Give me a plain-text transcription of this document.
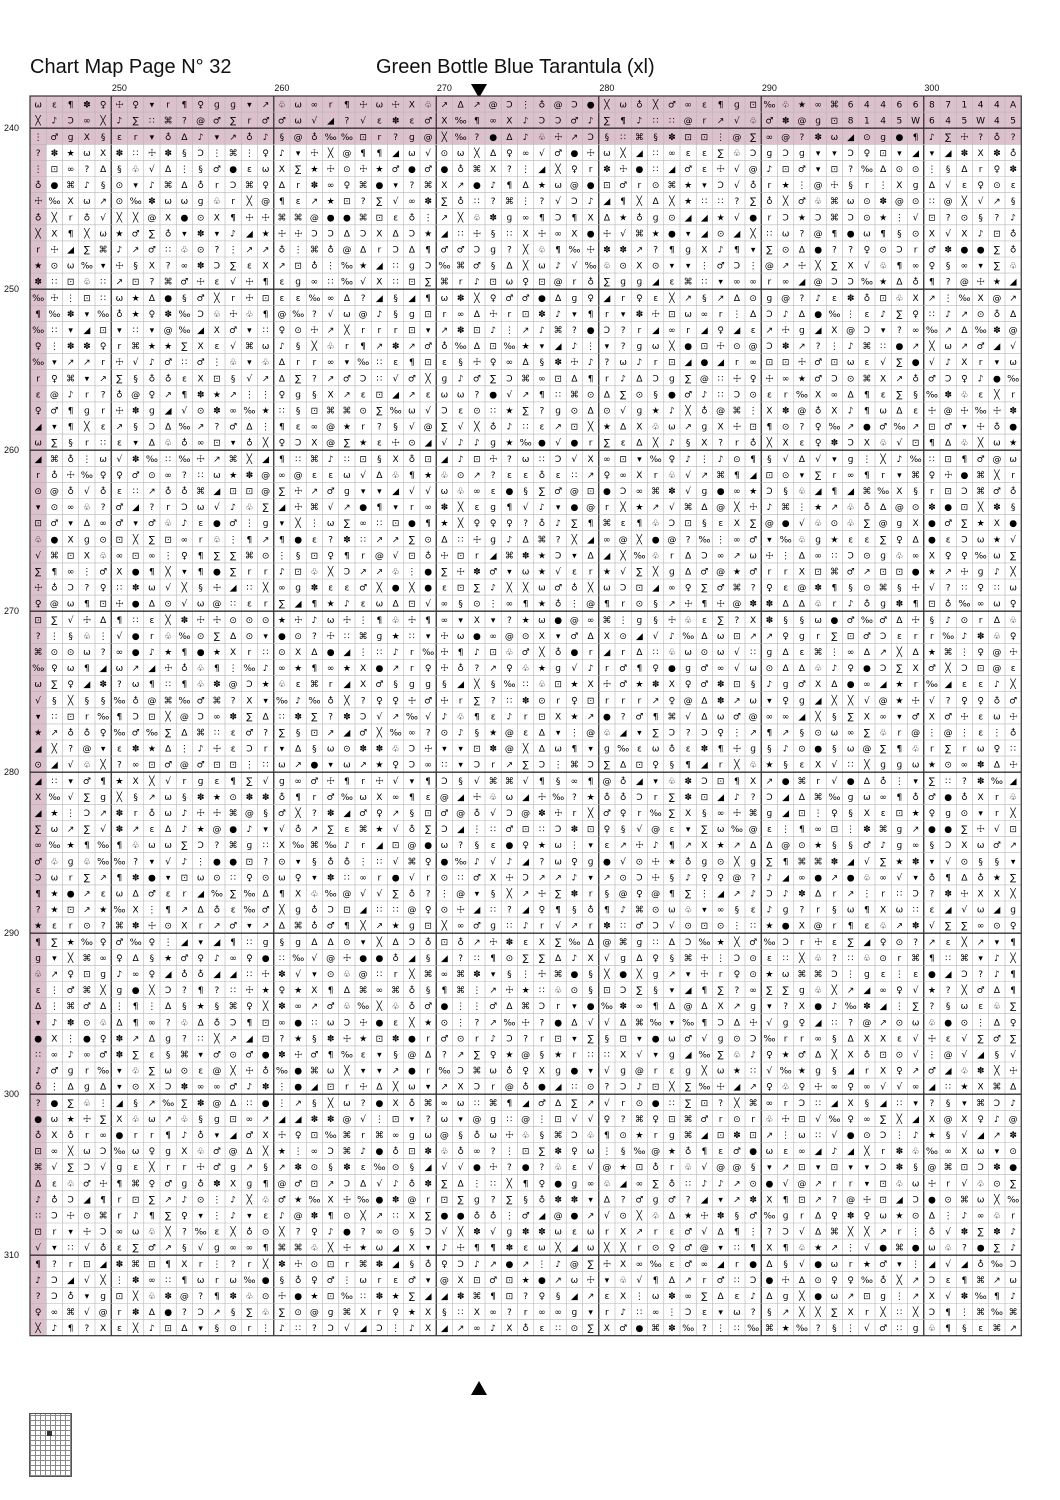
Chart Map Page N° 32	Green Bottle Blue Tarantula (xl)
250	260	270	280	290	300
240
250
260
270
280
290
300
310
ω ε ¶ ✽ ♀ ☩ ♀ ▾ r ¶ ♀ ɡ ɡ ▾ ↗ ♧ ω ∞ r ¶ ☩ ω ☩ X ♧ ↗ ∆ ↗ @ Ↄ ⋮ ♁ @ Ↄ ● ╳ ω ♁ ╳ ♂ ∞ ε ¶ ɡ ⊡ ‰ ♧ ★ ∞ ⌘ 6 4 4 6 6 8 7 1 4 4 A
╳ ♪ Ↄ ∞ ╳ ♪ ∑ ∷ ⌘ ? @ ♂ ∑ r ♂ ♂ ω √ ◢ ? √ ε ✽ ε ♂ X ‰ ¶ ∞ X ♪ Ↄ Ↄ ♂ ♪ ∑ ¶ ♪ ∷ ∷ @ r ↗ √ ♧ ♂ ✽ @ ɡ ⊡ 8 1 4 5 W 6 4 5 W 4 5
⋮ ♂ ɡ X § ε r ▾ ♁ ∆ ♪ ▾ ↗ ♁ ♪ § @ ♁ ‰ ‰ ⊡ r ? ɡ @ ╳ ‰ ? ● ∆ ♪ ♧ ☩ ↗ Ↄ § ∷ ⌘ § ✽ ⊡ ⊡ ⋮ @ ∑ ∞ @ ? ✽ ω ◢ ⊙ ɡ ● ¶ ♪ ∑ ☩ ? ♁ ?
? ✽ ★ ω X ✽ ∷ ☩ ✽ § Ↄ ⋮ ⌘ ⋮ ♀ ♪ ▾ ☩ ╳ @ ¶ ¶ ◢ ω √ ⊙ ω ╳ ∆ ♀ ∞ √ ♂ ● ☩ ω ╳ ◢ ∷ ∞ ε ε ∑ ♧ Ↄ ɡ Ↄ ɡ ▾ ▾ Ↄ ♀ ⊡ ▾ ◢ ▾ ◢ ✽ X ✽ ♁
⋮ ⊡ ∞ ? ∆ § ♧ √ ∆ ⋮ § ♂ ● ε ω X ∑ ★ ☩ ⊙ ☩ ★ ♂ ● ♂ ● ♁ ⌘ X ? ⋮ ◢ ╳ ♀ r ✽ ☩ ● ∷ ◢ ♂ ε ☩ √ @ ♪ ⊡ ♂ ▾ ⊡ ? ‰ ∆ ⊙ ⊙ ⋮ § ∆ r ♀ ✽
♁ ● ⌘ ♪ § ⊙ ▾ ♪ ⌘ ∆ ♁ r Ↄ ⌘ ♀ ∆ r ✽ ∞ ♀ ⌘ ● ▾ ? ⌘ X ↗ ● ♪ ¶ ∆ ★ ω @ ● ⊡ ♂ r ⊙ ⌘ ★ ▾ Ↄ √ ♁ r ★ ⋮ @ ☩ § r ⋮ X ɡ ∆ √ ε ♀ ⊙ ε
☩ ‰ X ω ↗ ⊙ ‰ ✽ ω ω ɡ ♧ r ╳ @ ¶ ε ↗ ★ ⊡ ? ∑ √ ∞ ✽ ∑ ♁ ∷ ? ⌘ ⋮ ? √ Ↄ ♪ ◢ ¶ ╳ ∆ ╳ ★ ∷ ∷ ? ∑ ♁ ╳ ♂ ♧ ⌘ ω ⊙ ✽ @ ⊙ ∷ @ ╳ √ ↗ §
♁ ╳ r ♁ √ ╳ ╳ @ X ● ⊙ X ¶ ☩ ☩ ⌘ ⌘ @ ● ● ⌘ ⊡ ε ♁ ⋮ ↗ ╳ ♧ ✽ ɡ ∞ ¶ Ↄ ¶ X ∆ ★ ♁ ɡ ⊙ ◢ ◢ ★ √ ● r Ↄ ★ Ↄ ⌘ Ↄ ⊙ ★ ⋮ √ ⊡ ? ⊙ § ? ♪
╳ X ¶ ╳ ω ★ ♂ ∑ ♁ ▾ ✽ ▾ ♪ ◢ ★ ☩ ☩ Ↄ Ↄ ∆ Ↄ X ∆ Ↄ ★ ◢ ∷ ☩ § ∷ X ☩ ∞ X ● ☩ √ ⌘ ★ ● ▾ ◢ ⊙ ◢ ╳ ∷ ω ? @ ¶ ● ω ¶ § ⊙ X √ X ♪ ⊡ ♁
r ☩ ◢ ∑ ⌘ ♪ ↗ ♂ ∷ ♧ ⊙ ? ⋮ ↗ ↗ ♁ ⋮ ⌘ ♁ @ ∆ r Ↄ ∆ ¶ ♂ ♂ Ↄ ɡ ? ╳ ♧ ¶ ‰ ☩ ✽ ✽ ↗ ? ¶ ɡ X ♪ ¶ ▾ ∑ ⊙ ∆ ● ? ? ♀ ⊙ Ↄ r ♂ ✽ ● ● ∑ ♁
★ ⊙ ω ‰ ▾ ☩ § X ? ∞ ✽ Ↄ ∑ ε X ↗ ⊡ ♁ ⋮ ‰ ★ ◢ ∷ ɡ Ↄ ‰ ⌘ ♂ § ∆ ╳ ω ♪ √ ‰ ♧ ⊙ X ⊙ ▾ ▾ ⋮ ♂ Ↄ ⋮ @ ↗ ☩ ╳ ∑ X √ ♧ ¶ ∞ ♀ § ∞ ▾ ∑ ♧
✽ ∷ ⊡ ♧ ∷ ↗ ⊡ ? ⌘ ♂ ☩ ε √ ☩ ¶ ε ɡ ∞ ∷ ‰ √ X ∷ ⊡ ∑ ⌘ r ♪ ⊡ ω ♀ ⊡ @ r ♁ ∑ ɡ ɡ ◢ ε ⌘ ∷ ▾ ∞ ∞ r ∞ ◢ @ Ↄ Ↄ ‰ ★ ∆ ♁ ¶ ? @ ☩ ★ ◢
‰ ☩ ⋮ ⊡ ∷ ω ★ ∆ ● § ♂ ╳ r ☩ ⊡ ε ε ‰ ∞ ∆ ? ◢ § ◢ ¶ ω ✽ ╳ ♀ ♂ ♂ ● ∆ ɡ ♀ ◢ r ♀ ε ╳ ↗ § ↗ ∆ ⊙ ɡ @ ? ♪ ε ✽ ♁ ⊡ ♧ X ↗ ⋮ ‰ X @ ↗
¶ ‰ ✽ ▾ ‰ ♁ ★ ♀ ✽ ‰ Ↄ ♧ ☩ ♧ ¶ @ ‰ ? √ ω @ ♪ § ɡ ⊡ r ∞ ∆ ☩ r ⊡ ✽ ♪ ▾ ¶ r ▾ ✽ ☩ ⊡ ω ∞ r ⋮ ∆ Ↄ ♪ ∆ ● ‰ ⋮ ε ♪ ∑ ♀ ∷ ♪ ↗ ⊙ ♁ ∆
‰ ∷ ▾ ◢ ⊡ ▾ ∷ ▾ @ ‰ ◢ X ♂ ▾ ∷ ♀ ⊙ ☩ ↗ ╳ r r r ⊡ ▾ ↗ ✽ ⊡ ♪ ⋮ ↗ ♪ ⌘ ? ● Ↄ ? r ◢ ∞ r ◢ ♀ ◢ ε ↗ ☩ ɡ ◢ X @ Ↄ ▾ ? ∞ ‰ ↗ ∆ ‰ ✽ @
♀ ⋮ ✽ ✽ ♀ r ⌘ ★ ★ ∑ X ε √ ⌘ ω ♪ § ╳ ♧ r ¶ ↗ ✽ ↗ ♂ ♁ ‰ ∆ ⊡ ‰ ★ ▾ ◢ ♪ ⋮ ▾ ? ɡ ω ╳ ● ⊡ ☩ ⊙ @ Ↄ ✽ ↗ ? ⋮ ♪ ⌘ ∷ ● ↗ ╳ ω ↗ ♂ ◢ √
‰ ▾ ↗ ↗ r ☩ √ ♪ ♂ ∷ ♂ ⋮ ♧ ▾ ♧ ∆ r r ∞ ▾ ‰ ∷ ε ¶ ⊡ ε § ☩ ♀ ∞ ∆ § ✽ ☩ ♪ ? ω ♪ r ⊡ ◢ ● ◢ r ∞ ⊡ ⊡ ☩ ♂ ⊡ ω ε √ ∑ ● √ ♪ X r ▾ ω
r ♀ ⌘ ▾ ↗ ∑ § ♁ ♁ ε X ⊡ § √ ↗ ∆ ∑ ? ↗ ♂ Ↄ ∷ √ ♂ ╳ ɡ ♪ ♂ ∑ Ↄ ⌘ ∞ ⊡ ∆ ¶ r ♪ ∆ Ↄ ɡ ∑ @ ∷ ☩ ♀ ☩ ∞ ★ ♂ Ↄ ⊙ ⌘ X ↗ ♁ ♂ Ↄ ♀ ♪ ● ‰
ε @ ♪ r ? ♁ @ ♀ ↗ ¶ ✽ ★ ↗ ⋮ ⋮ ♀ ɡ § X ↗ ε ⊡ ◢ ↗ ε ω ω ? ● √ ↗ ¶ ∷ ⌘ ⊙ ∆ ∑ ⊙ § ● ♂ ♪ ∷ Ↄ ⊙ ε r ‰ X ∞ ∆ ¶ ε ∑ § ‰ ✽ ♧ ε ╳ r
♀ ♂ ¶ ɡ r ☩ ✽ ɡ ◢ √ ⊙ ✽ ∞ ‰ ★ ∷ § ⊡ ⌘ ⌘ ⊙ ∑ ‰ ω √ Ↄ ε ⊙ ∷ ★ ∑ ? ɡ ⊙ ∆ ⊙ √ ɡ ★ ♪ ╳ ♁ @ ⌘ ⋮ X ✽ @ ♁ X ♪ ¶ ω ∆ ε ☩ @ ☩ ‰ ☩ ✽
◢ ▾ ¶ ╳ ε ↗ § Ↄ ∆ ‰ ↗ ? ♂ ∆ ⋮ ¶ ε ∞ @ ★ r ? § √ @ ∑ √ ╳ ♁ ♪ ∷ ε ↗ ⊡ ╳ ★ ∆ X ♧ ω ↗ ɡ X ☩ ⊡ ¶ ⊙ ? ♀ ‰ ↗ ● ♂ ‰ ↗ ⊡ ♂ ▾ ☩ ♁ ●
ω ∑ § r ∷ ε ▾ ∆ ♧ ♁ ∞ ⊡ ▾ ♁ ╳ ♀ Ↄ X @ ∑ ★ ε ☩ ⊙ ◢ √ ♪ ♪ ɡ ★ ‰ ● √ ● r ∑ ε ∆ ╳ ♪ § X ? r ♁ ╳ X ε ♀ ✽ Ↄ X ♧ √ ⊡ ¶ ∆ ♧ ╳ ω ★
◢ ⌘ ♁ ⋮ ω √ ✽ ‰ ∷ ‰ ☩ ↗ ⌘ ╳ ◢ ¶ ∷ ⌘ ♪ ∷ ⊡ § X ♁ ⊡ ◢ ♪ ⊡ ☩ ? ω ∷ Ↄ √ X ∞ ⊡ ▾ ‰ ♀ ♪ ⋮ ♪ ⊙ ¶ § √ ∆ √ ▾ ɡ ⋮ ╳ ♪ ‰ ∷ ⊡ ¶ ♂ @ ω
r ♁ ☩ ‰ ♀ ♀ ♂ ⊙ ∞ ? ∷ ω ★ ✽ @ ∞ @ ε ε ω √ ∆ ♧ ¶ ★ ♧ ⊙ ↗ ? ε ε ♁ ε ∷ ↗ ♀ ∞ X r ♧ √ ↗ ⌘ ¶ ◢ ⊡ ⊙ ▾ ∑ r ∞ ¶ r ▾ ⌘ ♀ ☩ ● ⌘ ╳ r
⊙ @ ♁ √ ♁ ε ∷ ↗ ♁ ♁ ⌘ ◢ ⊡ ⊡ @ ∑ ☩ ↗ ♂ ɡ ▾ ▾ ◢ √ √ ω ♧ ∞ ε ● § ∑ ♂ @ ⊡ ● Ↄ ∞ ⌘ ✽ √ ɡ ● ∞ ★ Ↄ § ♧ ◢ ¶ ◢ ⌘ ‰ X § r ⊡ Ↄ ⌘ ♂ ♁
▾ ⊙ ∞ ♧ ? ♂ ◢ ? r Ↄ ω √ ♪ ♧ ∑ ◢ ☩ ⌘ √ ↗ ● ¶ ▾ r ∞ ✽ ╳ ε ɡ ¶ √ ♪ ▾ ● @ r ╳ ★ ↗ √ ⌘ ∆ @ ╳ ☩ ♪ ⌘ ⋮ ★ ↗ ♧ ♁ ∆ @ ⊙ ✽ ● ⊡ ╳ ✽ §
⊡ ♂ ▾ ∆ ∞ ♂ ▾ ♂ ♧ ♪ ε ● ♂ ⋮ ɡ ▾ ╳ ⋮ ω ∑ ∞ ∷ ⊡ ● ¶ ★ ╳ ♀ ♀ ♀ ? ♁ ♪ ∑ ¶ ⌘ ε ¶ ♧ Ↄ ⊡ § ε X ∑ @ ● √ ♧ ⊙ ♧ ∑ @ ɡ X ● ♂ ∑ ★ X ●
♧ ● X ɡ ⊙ ⊡ ╳ ∑ ⊡ ∞ r ♧ ⋮ ¶ ↗ ¶ ● ε ? ✽ ∷ ↗ ↗ ∑ ⊙ ∆ ∷ ☩ ɡ ♪ ∆ ⌘ ? ╳ ◢ ∞ @ ╳ ● @ ? ‰ ⋮ ∞ ♂ ▾ ‰ ♧ ɡ ★ ε ε ∑ ♀ ∆ ● ε Ↄ ω ★ √
√ ⌘ ⊡ X ♧ ∞ ⊡ ∞ ⋮ ♀ ¶ ∑ ∑ ⌘ ⊙ ⋮ § ⊡ ♀ ¶ r @ √ ⊡ ♁ ☩ ⊡ r ◢ ⌘ ✽ ★ Ↄ ▾ ∆ ◢ ╳ ‰ ♧ r ∆ Ↄ ∞ ↗ ω ☩ ⋮ ∆ ∞ ∷ Ↄ ⊙ ɡ ♧ ∞ X ♀ ♀ ‰ ω ∑
∑ ¶ ∞ ⋮ ♂ X ● ¶ ╳ ▾ ¶ ● ∑ r r ♪ ⊡ ♧ ╳ Ↄ ↗ ↗ ♧ ⋮ ● ∑ ☩ ✽ ♂ ▾ ω ★ √ ε r ★ √ ∑ ╳ ɡ ∆ ♂ @ ★ ♂ r r X ⊡ ⌘ ♂ ↗ ⊡ ⊡ ● ★ ↗ ☩ ɡ ♪ ╳
☩ ♁ Ↄ ? ♀ ∷ ✽ ω √ ╳ § ☩ ◢ ∷ ╳ ∞ ɡ ✽ ε ε ♂ ╳ ● ╳ ● ε ⊡ ∑ ♪ ╳ ╳ ω ♂ ♁ ╳ ω Ↄ ⊡ ◢ ∞ ♀ ∑ ♂ ⌘ ? ♀ ε @ ✽ ¶ § ⊙ ⌘ § ☩ √ ? ∷ ♀ ∷ ω
♀ @ ω ¶ ⊡ ☩ ● ∆ ⊙ √ ω @ ∷ ε r ∑ ◢ ¶ ★ ♪ ε ω ∆ ⊡ √ ∞ § ⊙ ⋮ ∞ ¶ ★ ♁ ⋮ @ ¶ r ⊙ § ↗ ☩ ¶ ☩ @ ✽ ✽ ∆ ∆ ♧ r ♪ ♁ ɡ ✽ ¶ ⊡ ♁ ‰ ∞ ω ♀
⊡ ∑ √ ☩ ∆ ¶ ∷ ε ╳ ✽ ☩ ☩ ⊙ ⊙ ⊙ ★ ☩ ♪ ω ☩ ⋮ ¶ ♧ ☩ ¶ ∞ ▾ X ▾ ? ★ ω ● @ ∞ ⌘ ⋮ ɡ § ☩ ♧ ε ∑ ? X ✽ § § ω ● ♂ ‰ ♂ ∆ ☩ § ♪ ⊙ r ∆ ♧
? ⋮ § ♧ ⋮ √ ● r ♧ ‰ ⊙ ∑ ∆ ⊙ ▾ ● ⊙ ? ☩ ∷ ⌘ ɡ ★ ∷ ▾ ☩ ω ● ∞ @ ⊙ X ▾ ♂ ∆ X ⊙ ◢ √ ♪ ‰ ∆ ω ⊡ ↗ ↗ ♀ ɡ r ∑ ⊡ ♂ Ↄ ε r r ‰ ♪ ✽ ♧ ♀
⌘ ⊙ ⊙ ω ? ∞ ● ♪ ★ ¶ ● ★ X r ∷ ⊙ X ∆ ● ◢ ⋮ ∷ ♪ r ‰ ☩ ¶ ♪ ⊡ ♧ ♂ ╳ ♁ ● r ◢ r ∆ ∷ ♧ ω ⊙ ω √ ∷ ɡ ∆ ε ⌘ ⋮ ∞ ∆ ↗ ╳ ∆ ★ ⌘ ⋮ ♀ @ ☩
‰ ♀ ω ¶ ◢ ω ↗ ◢ ☩ ♁ ♧ ¶ ⋮ ‰ ♪ ∞ ★ ¶ ∞ ★ X ● ↗ r ♀ ☩ ♁ ? ↗ ♀ ♧ ★ ɡ √ ♪ r ♂ ¶ ♀ ● ɡ ♂ ∞ √ ω ⊙ ∆ ∆ ♧ ♪ ♀ ● Ↄ ∑ X ♂ ╳ Ↄ ⊡ @ ε
ω ∑ ♀ ◢ ✽ ? ω ¶ ∷ ¶ ♧ ✽ @ Ↄ ★ ♧ ε ⌘ r ◢ X ♂ § ɡ ɡ § ◢ ╳ § ‰ ∷ ♧ ⊡ ★ X ☩ ♂ ★ ✽ X ♀ ♂ ✽ ⊡ § ♪ ɡ ♂ X ∆ ● ∞ ◢ ★ r ‰ ◢ ε ε ♪ ╳
√ § ╳ § § ‰ ♁ @ ⌘ ‰ ♂ ⌘ ? X ▾ ‰ ♪ ‰ ♁ ╳ ? ♀ ♀ ☩ ♂ ☩ r ∑ ? ∷ ✽ ⊙ r ♀ ⊡ r r r ↗ ♀ @ ∆ ✽ ↗ ω ▾ ♀ ɡ ◢ ╳ ╳ √ @ ★ ☩ √ ? ♀ ♀ ♁ ♂
▾ ∷ ⊡ r ‰ ¶ Ↄ ⊡ ╳ @ Ↄ ∞ ✽ ∑ ∆ ∷ ✽ ∑ ? ✽ Ↄ √ ↗ ‰ √ ♪ ♧ ¶ ε ♪ r ⊡ X ★ ↗ ● ? ♂ ¶ ⌘ √ ∆ ω ♂ @ ∞ ∞ ◢ ╳ § ∑ X ∞ ▾ ♂ X ♂ ☩ ε ω ☩
★ ↗ ♁ ♁ ♀ ‰ ♂ ‰ ∑ ∆ ⌘ ∷ ε ♂ ? ∑ § ⊡ ↗ ◢ ♂ ╳ ‰ ∞ ? ⊙ ♪ § ★ @ ε ∆ ▾ ⋮ @ ♧ ◢ ▾ ∑ Ↄ ? Ↄ ♀ ⋮ ↗ ¶ ↗ § ⊙ ω ∞ ∑ ♧ r @ ⋮ @ ⋮ ε ⋮ ♁
◢ ╳ ? @ ▾ ε ✽ ★ ∆ ⋮ ♪ ☩ ε Ↄ r ▾ ∆ § ω ⊙ ✽ ✽ ♧ Ↄ ☩ ▾ ▾ ⊡ ✽ @ ╳ ∆ ω ¶ ▾ ɡ ‰ ε ω ♁ ε ✽ ¶ ☩ ɡ § ♪ ⊙ ● § ω @ ∑ ¶ ♧ r ∑ r ω ♀ ∷
⊙ ◢ √ ♧ ╳ ? ∞ ⊡ ♂ @ ♂ ⊡ ⊡ ⋮ ∷ ω ↗ ● ▾ ω ↗ ★ ♀ Ↄ ∞ ∷ ▾ Ↄ r ↗ ∑ Ↄ ⋮ ⌘ Ↄ ∑ ∆ ⊡ ♀ § ¶ ◢ r ╳ ♧ ★ § ε X √ ∷ ╳ ɡ ɡ ω ★ ⊙ ∞ ✽ ∆ ☩
◢ ∷ ▾ ♂ ¶ ★ X ╳ √ r ɡ ε ¶ ∑ √ ɡ ∞ ♂ ☩ ¶ r ☩ √ ▾ ¶ Ↄ § √ ⌘ ⌘ √ ¶ § ∞ ¶ @ ♁ ◢ ▾ ♧ ✽ Ↄ ⊡ ¶ X ↗ ● ⌘ r √ ● ∆ ♁ ⋮ ▾ ∑ ∷ ? ✽ ‰ ◢
X ‰ √ ∑ ɡ ╳ § ↗ ω § ✽ ★ ⊙ ✽ ✽ ♁ ¶ r ♂ ‰ ω X ∞ ¶ ε @ ◢ ☩ ♧ ω ◢ ☩ ‰ ? ★ ♁ ♁ Ↄ r ∑ ✽ ⊡ ◢ ♪ ? Ↄ ◢ ∆ ⌘ ‰ ɡ ω ∞ ¶ ♁ ♂ ● ♁ X r ♧
◢ ★ ⋮ Ↄ ↗ ✽ r ♁ ω ♪ ☩ ☩ ⌘ @ § ♂ ╳ ? ✽ ◢ ♂ ♀ ↗ § ⊡ ♂ @ ♁ √ Ↄ @ ✽ ☩ r ╳ ♂ ♀ r ‰ ∑ X § ∞ ☩ ⌘ ɡ ◢ ⊡ ⋮ ♀ § X ε ⊡ ★ ♀ ɡ ⊙ ▾ r ╳
∑ ω ↗ ∑ √ ✽ ↗ ε ∆ ♪ ★ @ ● ♪ ▾ √ ♁ ↗ ∑ ε ⌘ ★ √ ♁ ∑ Ↄ ◢ ⋮ ∷ ♂ ⊡ ∷ Ↄ ✽ ⊡ ♀ § √ @ ε ▾ ∑ ω ‰ @ ε ⋮ ¶ ∞ ⊡ ⋮ ✽ ⌘ ɡ ↗ ● ● ∑ ☩ √ ⊡
∞ ‰ ★ ¶ ‰ ¶ ♧ ω ω ∑ Ↄ ? ⌘ ɡ ∷ X ‰ ⌘ ‰ ♪ r ◢ ⊡ @ ● ω ? § ε ● ♀ ★ ω ⋮ ▾ ε ↗ ☩ ♪ ¶ ↗ X ★ ↗ ∆ ∆ @ ⊙ ★ § § ♂ ♪ ɡ ∞ § Ↄ X ω ♂ ↗
♂ ♧ ɡ ♧ ‰ ‰ ? ▾ √ ♪ ⋮ ● ● ⊡ ? ⊙ ▾ § ♁ ♁ ⋮ ∷ √ ⌘ ♀ ● ‰ ♪ √ ♪ ◢ ? ω ♀ ɡ ● √ ⊙ ☩ ★ ♁ ɡ ⊙ ╳ ɡ ∑ ¶ ⌘ ⌘ ✽ ◢ √ ∑ ★ ✽ ▾ √ ⊙ § § ▾
Ↄ ω r ∑ ↗ ¶ ✽ ● ▾ ⊡ ω ⊙ ∷ ♀ ⊙ ω ♀ ▾ ✽ ∷ ∞ r ● √ r ⊙ ∷ ♂ X ☩ Ↄ ↗ ↗ ♪ ▾ ↗ ⊙ Ↄ ☩ § ♪ ♀ ♀ @ ? ♪ ◢ ∞ ● ↗ ● ♧ ∞ √ ▾ ♁ ¶ ∆ ♁ ★ ∑
¶ ★ ● ↗ ε ω ∆ ♂ ε r ◢ ‰ ∑ ‰ ∆ ¶ X ♧ ‰ @ √ √ ∑ ♁ ? ⋮ @ ▾ § ╳ ↗ ☩ ∑ ✽ r § @ ♀ @ ¶ ∑ ⋮ ◢ ↗ ♪ Ↄ ♪ ✽ ∆ r ↗ ⋮ r ∷ Ↄ ? ✽ ☩ X X ╳
? ★ ⊡ ↗ ★ ‰ X ⋮ ¶ ↗ ∆ ♁ ε ‰ ♂ ╳ ɡ ♁ Ↄ ⊡ ◢ ∷ ∷ @ ♀ ⊙ ☩ ◢ ∷ ? ◢ ♀ ¶ § ♁ ¶ ♪ ⌘ ⊙ ω ♧ ▾ ∞ § ε ♪ ɡ ? r § ω ¶ X ω ∷ ε ◢ √ ω ◢ ɡ
★ ε r ⊙ ? ⌘ ✽ ☩ ⊙ X r ↗ ♂ ▾ ↗ ∆ ⌘ ♁ ♂ ¶ ╳ ↗ ★ ɡ ⊡ ╳ ∞ ♂ ɡ ∷ ♪ r √ ↗ r ✽ ∷ ♂ Ↄ √ ⊙ ⊡ ⊙ ⋮ ∷ ★ ● X @ r ¶ ε ♧ ↗ ✽ √ ∑ ∑ ∞ ⊙ ♀
¶ ∑ ★ ‰ ♀ ♂ ‰ ♀ ⋮ ◢ ▾ ◢ ¶ ∷ ɡ § ɡ ∆ ∆ ⊙ ▾ ╳ ∆ Ↄ ♁ ⊡ ♁ ↗ ☩ ✽ ε X ∑ ‰ ∆ @ ⌘ ɡ ∷ ∆ Ↄ ‰ ★ ╳ ♂ ‰ Ↄ r ☩ ε ∑ ◢ ♀ ⊙ ? ↗ ε ╳ ↗ ▾ ¶
ɡ ▾ ╳ ⌘ ∞ ♀ ∆ § ★ ♂ ♀ ♪ ∞ ♀ ● ∷ ‰ √ @ ☩ ● ● ♁ ◢ § ◢ ? ∷ ¶ ⊙ ∑ ∑ ∆ ♪ X √ ɡ ∆ ♀ § ⌘ ☩ ⋮ Ↄ ⊙ ε ∷ ╳ ♧ ? ∷ ♧ ⊙ r ⌘ ¶ ∷ ⌘ ▾ ♪ ╳
♧ ↗ ♀ ⊡ ɡ ♪ ∞ ♀ ◢ ♁ ♁ ◢ ◢ ∷ ☩ ✽ √ ▾ ⊙ ♧ @ ∷ r ╳ ⌘ ∞ ⌘ ✽ ▾ § ⋮ ☩ ⌘ ● § ╳ ● ╳ ɡ ↗ ▾ ☩ r ♀ ⊙ ★ ω ⌘ ⌘ Ↄ ⋮ ɡ ε ⋮ ε ● ◢ Ↄ ? ♪ ¶
ε ⋮ ♂ ⌘ ╳ ɡ ● ╳ Ↄ ? ¶ ? ∷ ☩ ★ ♀ ★ X ¶ ∆ ⌘ ∞ ⌘ ♁ § ¶ ⌘ ⋮ ↗ ☩ ★ ∷ ♧ ⊙ § ⊡ Ↄ ∑ § ▾ ◢ ¶ ∑ ? ∞ ∑ ∑ ɡ ♧ ╳ ↗ ◢ ∞ ♀ √ ★ ? ╳ ♂ ∆ ¶
∆ ⋮ ⌘ ♂ ∆ ⋮ ¶ ⋮ ∆ § ★ § ⌘ ♀ ╳ ✽ ∞ ↗ ♂ ♧ ‰ ╳ ♧ ♁ ♂ ● ⋮ ⋮ ♂ ∆ ⌘ Ↄ r ▾ ● ‰ ✽ ∞ ¶ ∆ @ ∆ X ↗ ɡ ▾ ? X ● ♪ ‰ ✽ ◢ ⋮ ∑ ? § ω ε ♧ ∑
▾ ♪ ✽ ⊙ ♧ ∆ ¶ ∞ ? ♧ ∆ ♁ Ↄ ¶ ⊡ ∞ ● ∷ ω Ↄ ☩ ● ε ╳ ★ ⊙ ⋮ ? ↗ ‰ ☩ ? ● ∆ √ √ ∆ ⌘ ‰ ▾ ‰ ¶ Ↄ ∆ ☩ √ ɡ ♀ ◢ ∷ ? @ ↗ ⊙ ω ♧ ● ⊙ ⋮ ∆ ♀
● X ⋮ ● ♀ ✽ ↗ ∆ ɡ ? ∷ ╳ ↗ ◢ ⊡ ? ★ § ✽ ☩ ★ ⊡ ✽ ● r ♂ ⊙ r ♪ Ↄ ? r ⊡ ▾ ∑ § ⊡ ▾ ● ω ♂ √ ɡ ⊙ Ↄ ‰ r r ∞ § ∆ X X ε √ ☩ ε √ ∑ ♂ ∑
∷ ∞ ♪ ∞ ♂ ✽ ∑ ε § ⌘ ▾ ♂ ⊙ ♂ ● ✽ ☩ ♂ ¶ ‰ ε ▾ § @ ∆ ? ↗ ∑ ♀ ★ @ § ★ r ∷ ∷ X √ ▾ ɡ ◢ ‰ ∑ ♧ ♪ ♀ ★ ♂ ∆ ╳ X ♁ ⊡ ⊙ √ ⋮ @ √ ◢ § √
♪ ♂ ɡ r ‰ ▾ ♧ ∑ ω ⊙ ε @ ╳ ☩ ♁ ‰ ● ⌘ ω ╳ ▾ ▾ ↗ ● r ‰ Ↄ ⌘ ω ♁ ♀ X ɡ ● ▾ √ ɡ @ r ε ɡ ╳ ω ★ ∷ √ ‰ ★ ɡ § ◢ r X ♀ ↗ ♂ ◢ ♧ ✽ ╳ ☩
♁ ⋮ ∆ ɡ ∆ ▾ ⊙ X Ↄ ✽ ∞ ∞ ♂ ♪ ✽ ⋮ ● ◢ ⊡ r ☩ ∆ ╳ ω ▾ ↗ X Ↄ r @ ♁ ● ◢ ∷ ⊙ ? Ↄ ♪ ⊡ ╳ ∑ ‰ ☩ ◢ ↗ ♀ ♧ ♀ ☩ ∞ ♀ ∞ √ √ ∞ ◢ ∷ ★ X ⌘ ∆
? ● ∑ ♧ ⋮ ◢ § ↗ ‰ ∑ ✽ @ ∆ ∷ ● ⋮ ↗ § ╳ ω ? ● X ♁ ⌘ ∞ ω ∷ ⌘ ¶ ◢ ♂ ∆ ∑ ↗ √ r ⊙ ● ∷ ∑ ⊡ ? ╳ ⌘ ∞ r Ↄ ∷ ◢ X § ◢ ∷ ▾ ? § ▾ ⌘ Ↄ ♪
● ω ★ ☩ ∑ X ♧ ω ↗ ♧ § ɡ ⊡ ∞ ↗ ◢ ◢ ✽ ✽ @ √ ⋮ ⊡ ▾ ? ω ▾ @ ɡ ∷ @ ⋮ ⊡ √ √ ♀ ? ⌘ ♀ ⊡ ⌘ ♂ r ⊙ r ♧ ☩ ⊡ √ ‰ ♀ ∞ ∑ ╳ ◢ X @ X ♀ ♪ @
♁ X ♁ r ∞ ● r r ¶ ♪ ♁ ▾ ◢ ♂ X ☩ ♀ ⊡ ‰ ⌘ r ⌘ ∞ ɡ ω @ § ♁ ω ☩ ♧ § ⌘ Ↄ ♧ ¶ ⊙ ★ r ɡ ⌘ ◢ ⊡ ✽ ⊡ ↗ ⋮ ω ∷ √ ● ⊙ Ↄ ⋮ ♪ ★ § √ ◢ ↗ ✽
⊡ ∞ ╳ ω Ↄ ‰ ω ♀ ɡ X ♧ ♂ @ ∆ ╳ ★ ⋮ ∞ Ↄ ⌘ ♪ ● ♁ ⊡ ✽ ♧ ♁ ∞ ? ⋮ ⊡ ∑ ✽ ♀ ω ⋮ § ‰ @ ★ ♁ ¶ ε ♂ ● ω ε ∞ ◢ ♪ ◢ ╳ r ✽ ♧ ‰ ∞ X ω ▾ ⊙
⌘ √ ∑ Ↄ √ ɡ ε ╳ r r ☩ ♂ ɡ ↗ § ↗ ✽ ⊙ § ✽ ε ‰ ⊙ § ◢ √ √ ● ☩ ? ● ? ♧ ε √ @ ★ ⊡ ♁ r ♧ √ @ @ § ▾ ↗ ⊡ ▾ ⊡ ▾ ▾ Ↄ ✽ § @ ⌘ ⊡ Ↄ ✽ ●
∆ ε ♧ ♂ ☩ ¶ ⌘ ♀ ♂ ɡ ♁ ✽ X ɡ ¶ @ ♂ ⊡ ↗ Ↄ ∆ √ ♪ ♁ ✽ ∑ ∆ ⋮ ∷ ╳ ¶ ♀ ● ɡ ∞ ♧ ◢ ∞ ∑ ♁ ∷ ♪ ♪ ↗ ⊙ ● √ @ ↗ r r ▾ ⊡ ♧ ω ☩ r √ ♧ ⊙ ∑
♪ ♁ Ↄ ◢ ¶ r ⊡ ∑ ↗ ♪ ⊙ ⋮ ♪ ╳ ♧ ♂ ★ ‰ X ☩ ‰ ● ✽ @ r ⊡ ∑ ɡ ? ∑ § ♁ ✽ ✽ ▾ ∆ ? ♂ ɡ ♂ ? ◢ ▾ ↗ ✽ X ¶ ⊡ ↗ ? @ ☩ ⊡ ◢ Ↄ ● ⊙ ⌘ ω ╳ ‰
∷ Ↄ ☩ ⊙ ⌘ r ♪ ¶ ∑ ♀ ▾ ⋮ ♪ ▾ ε ♪ @ ✽ ¶ ⊙ ╳ ↗ ∷ X ∑ ● ● ♁ ♁ ⋮ ♂ ◢ @ ● ↗ √ ⊙ ╳ ♧ ∆ ★ ☩ ✽ § ♂ ‰ ɡ r ∆ ♀ ✽ ♀ ω ★ ⊙ ∆ ⋮ ♪ ∞ ♧ r
⊡ r ▾ ☩ Ↄ ∞ ω ♧ ╳ ? ‰ ε ╳ ♁ ⊙ ╳ ? ♀ ♪ ● ? ∞ ⊙ § Ↄ √ ╳ ✽ √ ɡ ✽ ✽ ω ε ω r X ↗ r ε ♂ √ ∆ ¶ ⋮ ? Ↄ √ ∆ ⌘ ╳ ╳ ↗ r ⋮ ♁ √ ✽ ∑ ✽ ♪
√ ▾ ∷ √ ♁ ε ∑ ♂ ↗ § √ ɡ ∞ ∞ ¶ ⌘ ⌘ ♧ ╳ ☩ ★ ω ◢ X ▾ ♪ ☩ ¶ ¶ ✽ ε ω ╳ ◢ ω ╳ ╳ r ⊙ ♀ ♂ @ ▾ ∷ ¶ X ¶ ♧ ★ ↗ ⋮ √ ● ⌘ ● ω ♧ ? ● ∑ ♪
¶ ? r ⊡ ◢ ✽ ⌘ ⊡ ¶ X r ⋮ ? r ╳ ✽ ☩ ⊙ ⊡ r ⌘ ✽ ◢ § ♁ ♀ Ↄ ♪ ↗ ● ↗ ⋮ ♪ @ ∑ ☩ X ∞ ‰ ε ♂ ∞ ◢ r ● ∆ § √ ● ω r ★ ♂ ▾ ⋮ ◢ √ ◢ ♁ ‰ Ↄ
♪ Ↄ ◢ √ ╳ ⋮ ✽ ∞ ∷ ¶ ω r ω ‰ ● § ♁ ♀ ♂ ⋮ ω r ε ♂ ▾ @ X ⊡ ♂ ⊡ ★ ● ↗ ω ☩ ▾ ♧ √ ¶ ∆ ↗ r ♂ ∷ Ↄ ● ☩ ∆ ⊙ ♀ ♀ ‰ ♁ ╳ ↗ Ↄ ε ¶ ⌘ ↗ ω
? Ↄ ♁ ▾ ɡ ⊡ ╳ ♧ ✽ @ ? ¶ ✽ ♧ ⊙ ☩ ● ★ ⊡ ‰ ∷ ✽ ★ ∑ ◢ ◢ ✽ ⌘ ¶ ⊡ ? ♀ § ◢ ↗ ε X ⋮ ω ✽ ∞ ∑ ∆ ε ♪ ∆ ɡ ╳ ● ω ↗ ⊡ ɡ ⋮ ↗ X √ ✽ ‰ ¶ ♪
♀ ∞ ⌘ √ @ r ✽ ∆ ● ? Ↄ ↗ § ∑ ♧ ∑ ⊙ @ ɡ ⌘ X r ♀ ★ X § ∷ X ∞ ? r ∞ ∞ ɡ ▾ r ♪ ∷ ∞ ⋮ Ↄ ε ▾ ω ? § ↗ ╳ ╳ ∑ X r ╳ ∷ ╳ Ↄ ¶ ⋮ ⌘ ‰ ⌘
╳ ♪ ¶ ? X ε ╳ ♪ ⊡ ∆ ▾ § ⊙ r ⋮ ♪ ∷ ? Ↄ √ ◢ Ↄ ⋮ ♪ X ◢ ↗ ∞ ♪ X ♁ ε ∷ ⊙ ∑ X ♂ ● ⌘ ✽ ‰ ? ⋮ ∷ ‰ ⌘ ★ ‰ ? § ⋮ √ ♂ ∷ ɡ ♧ ¶ § ε ⌘ ↗
